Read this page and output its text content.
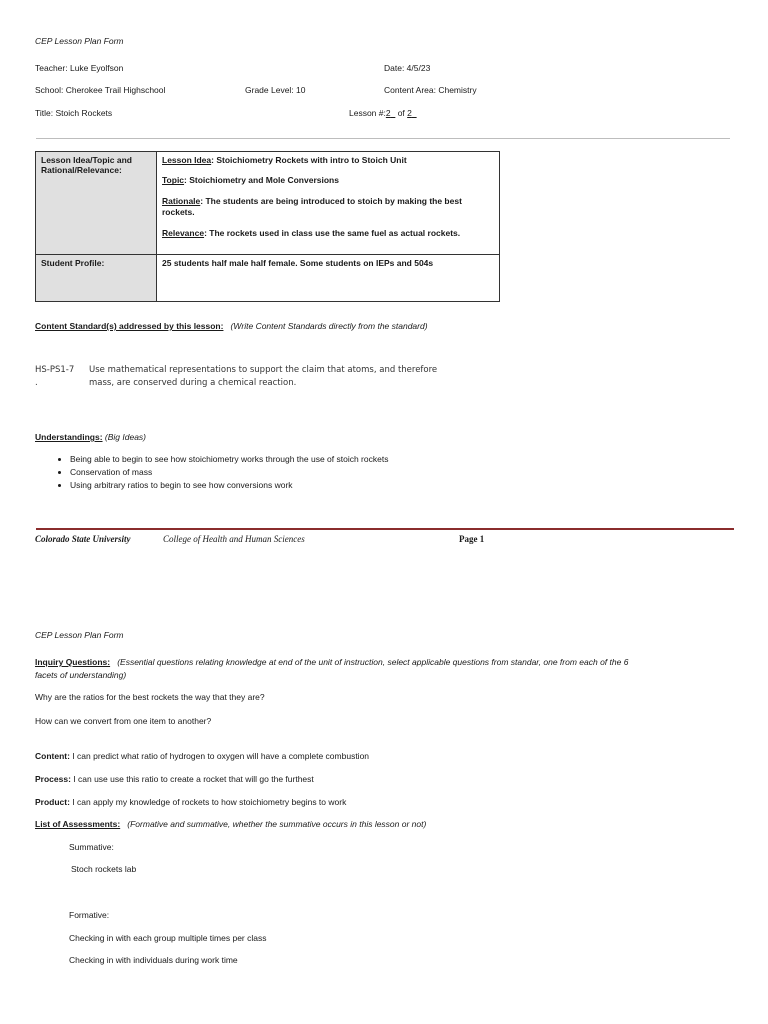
CEP Lesson Plan Form
Teacher: Luke Eyolfson	Date: 4/5/23
School: Cherokee Trail Highschool	Grade Level: 10	Content Area: Chemistry
Title: Stoich Rockets	Lesson #:2   of 2
Lesson Idea/Topic and Rational/Relevance:	Lesson Idea: Stoichiometry Rockets with intro to Stoich Unit
Topic: Stoichiometry and Mole Conversions
Rationale: The students are being introduced to stoich by making the best rockets.
Relevance: The rockets used in class use the same fuel as actual rockets.

Student Profile:	25 students half male half female. Some students on IEPs and 504s
Content Standard(s) addressed by this lesson: (Write Content Standards directly from the standard)
HS-PS1-7
.
Use mathematical representations to support the claim that atoms, and therefore
mass, are conserved during a chemical reaction.
Understandings: (Big Ideas)
• Being able to begin to see how stoichiometry works through the use of stoich rockets
• Conservation of mass
• Using arbitrary ratios to begin to see how conversions work
Colorado State University	College of Health and Human Sciences	Page 1
CEP Lesson Plan Form
Inquiry Questions: (Essential questions relating knowledge at end of the unit of instruction, select applicable questions from standar, one from each of the 6
facets of understanding)
Why are the ratios for the best rockets the way that they are?
How can we convert from one item to another?
Content: I can predict what ratio of hydrogen to oxygen will have a complete combustion
Process: I can use use this ratio to create a rocket that will go the furthest
Product: I can apply my knowledge of rockets to how stoichiometry begins to work
List of Assessments: (Formative and summative, whether the summative occurs in this lesson or not)
Summative:
Stoch rockets lab
Formative:
Checking in with each group multiple times per class
Checking in with individuals during work time
